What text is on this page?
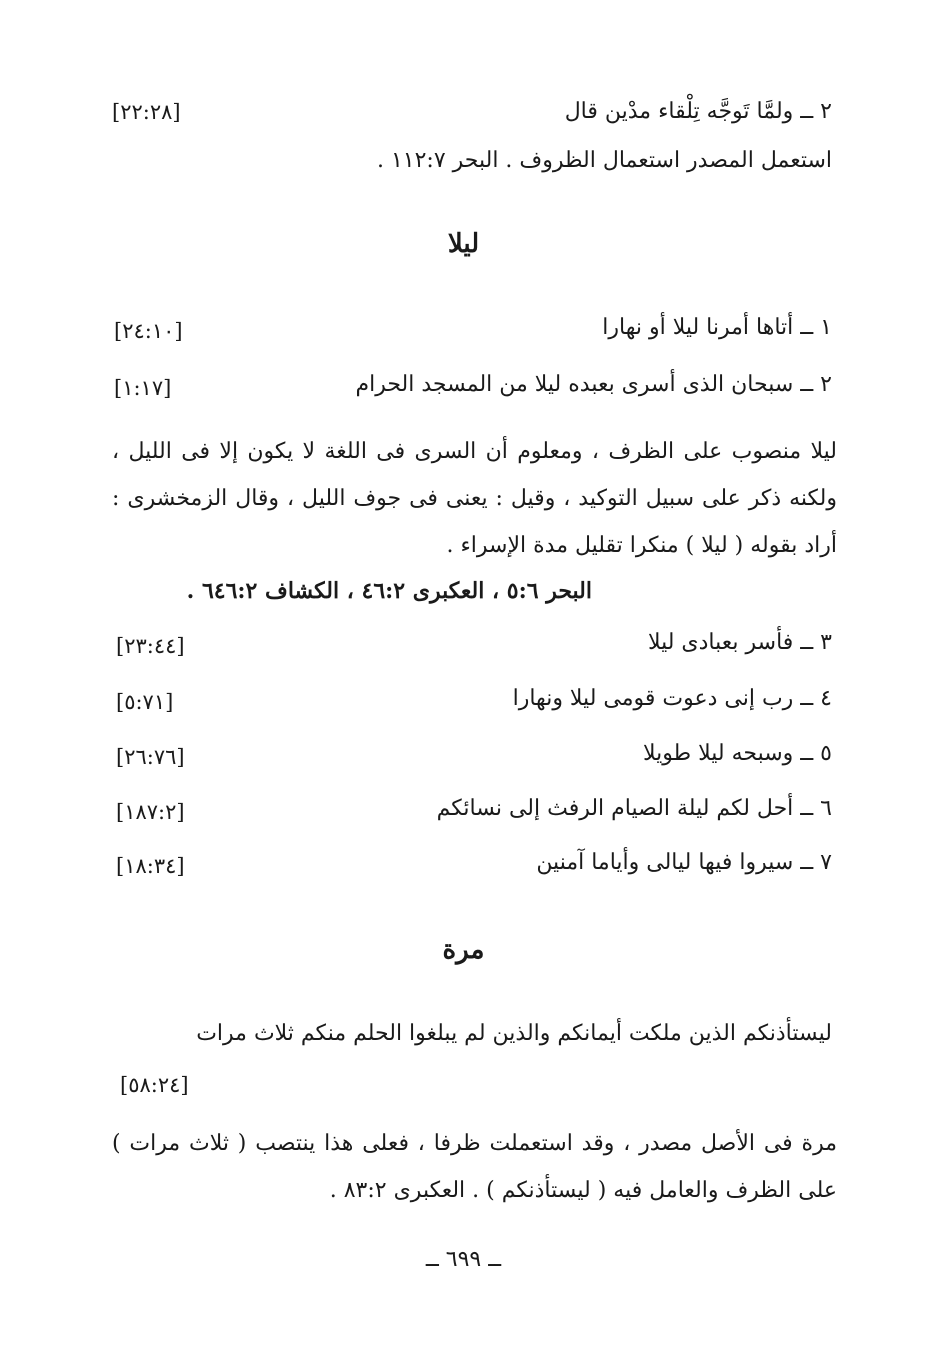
٢ ــ ولمَّا تَوجَّه تِلْقاء مدْين قال
[٢٢:٢٨]
استعمل المصدر استعمال الظروف . البحر ١١٢:٧ .
ليلا
١ ــ أتاها أمرنا ليلا أو نهارا
[٢٤:١٠]
٢ ــ سبحان الذى أسرى بعبده ليلا من المسجد الحرام
[١:١٧]
ليلا منصوب على الظرف ، ومعلوم أن السرى فى اللغة لا يكون إلا فى الليل ، ولكنه ذكر على سبيل التوكيد ، وقيل : يعنى فى جوف الليل ، وقال الزمخشرى : أراد بقوله ( ليلا ) منكرا تقليل مدة الإسراء .
البحر ٥:٦ ، العكبرى ٤٦:٢ ، الكشاف ٦٤٦:٢ .
٣ ــ فأسر بعبادى ليلا
[٢٣:٤٤]
٤ ــ رب إنى دعوت قومى ليلا ونهارا
[٥:٧١]
٥ ــ وسبحه ليلا طويلا
[٢٦:٧٦]
٦ ــ أحل لكم ليلة الصيام الرفث إلى نسائكم
[١٨٧:٢]
٧ ــ سيروا فيها ليالى وأياما آمنين
[١٨:٣٤]
مرة
ليستأذنكم الذين ملكت أيمانكم والذين لم يبلغوا الحلم منكم ثلاث مرات
[٥٨:٢٤]
مرة فى الأصل مصدر ، وقد استعملت ظرفا ، فعلى هذا ينتصب ( ثلاث مرات ) على الظرف والعامل فيه ( ليستأذنكم ) . العكبرى ٨٣:٢ .
ــ ٦٩٩ ــ
